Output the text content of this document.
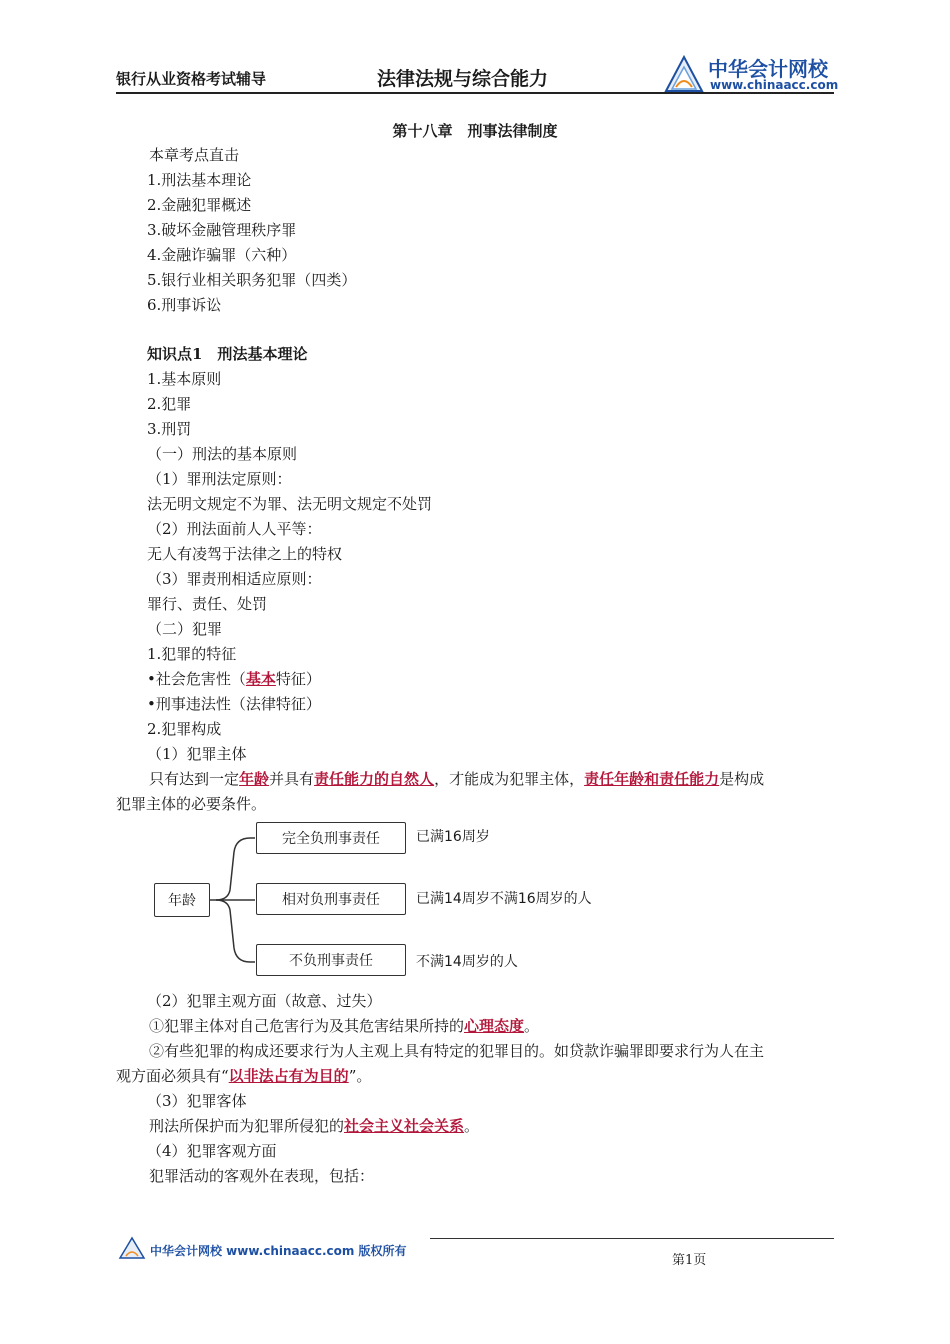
银行从业资格考试辅导	法律法规与综合能力	中华会计网校
www.chinaacc.com
第十八章　刑事法律制度
本章考点直击
1.刑法基本理论
2.金融犯罪概述
3.破坏金融管理秩序罪
4.金融诈骗罪（六种）
5.银行业相关职务犯罪（四类）
6.刑事诉讼
知识点1　刑法基本理论
1.基本原则
2.犯罪
3.刑罚
（一）刑法的基本原则
（1）罪刑法定原则：
法无明文规定不为罪、法无明文规定不处罚
（2）刑法面前人人平等：
无人有凌驾于法律之上的特权
（3）罪责刑相适应原则：
罪行、责任、处罚
（二）犯罪
1.犯罪的特征
•社会危害性（基本特征）
•刑事违法性（法律特征）
2.犯罪构成
（1）犯罪主体
只有达到一定年龄并具有责任能力的自然人，才能成为犯罪主体，责任年龄和责任能力是构成
犯罪主体的必要条件。
年龄
完全负刑事责任
相对负刑事责任
不负刑事责任
已满16周岁
已满14周岁不满16周岁的人
不满14周岁的人
（2）犯罪主观方面（故意、过失）
①犯罪主体对自己危害行为及其危害结果所持的心理态度。
②有些犯罪的构成还要求行为人主观上具有特定的犯罪目的。如贷款诈骗罪即要求行为人在主
观方面必须具有“以非法占有为目的”。
（3）犯罪客体
刑法所保护而为犯罪所侵犯的社会主义社会关系。
（4）犯罪客观方面
犯罪活动的客观外在表现，包括：
中华会计网校 www.chinaacc.com 版权所有
第1页
